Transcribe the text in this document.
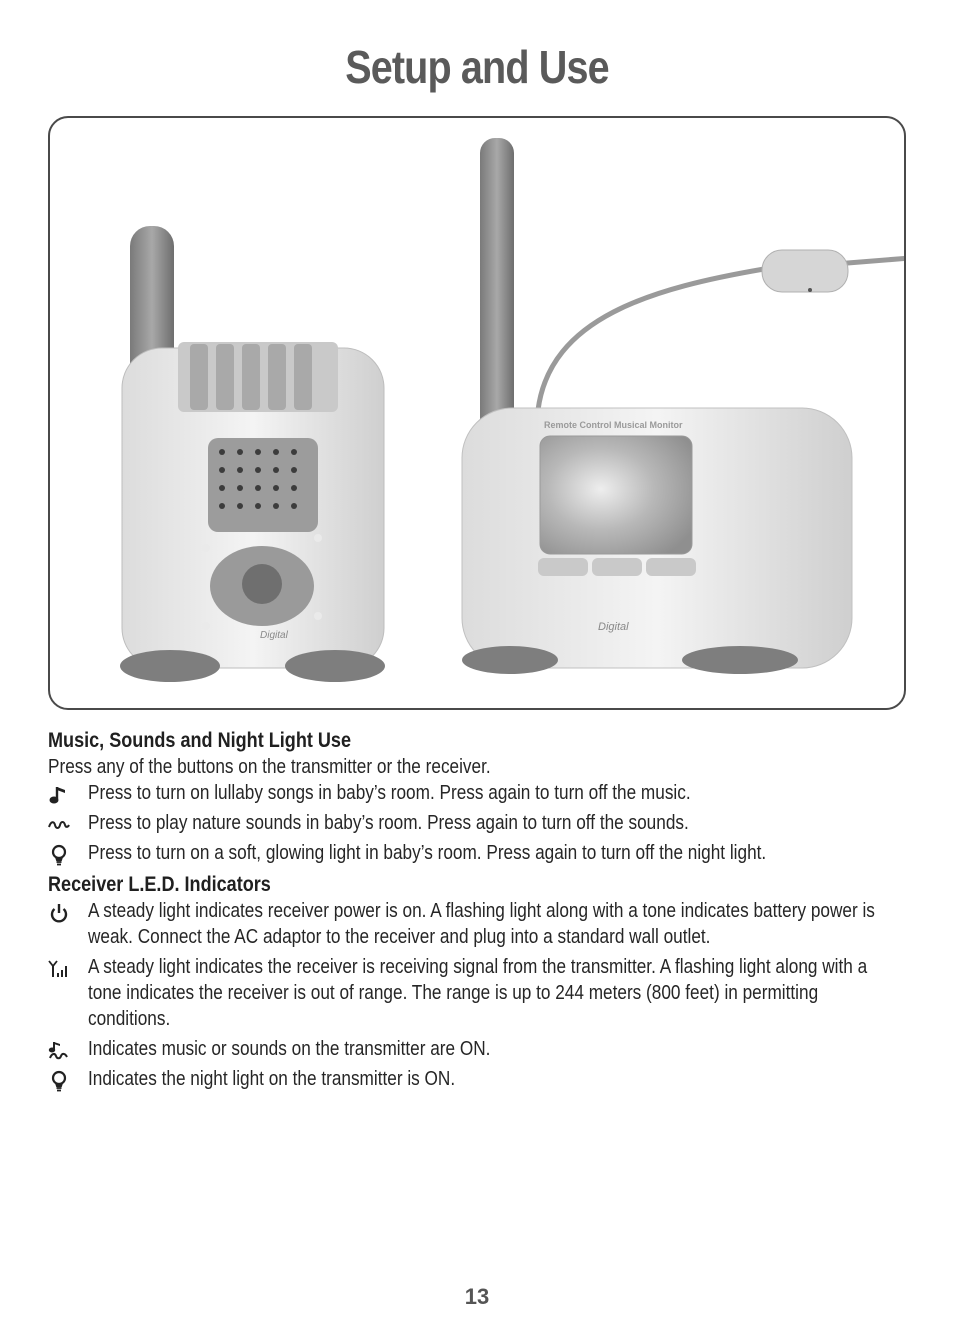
Setup and Use
Digital
Remote Control Musical Monitor
Digital
Music, Sounds and Night Light Use
Press any of the buttons on the transmitter or the receiver.
Press to turn on lullaby songs in baby’s room. Press again to turn off the music.
Press to play nature sounds in baby’s room. Press again to turn off the sounds.
Press to turn on a soft, glowing light in baby’s room. Press again to turn off the night light.
Receiver L.E.D. Indicators
A steady light indicates receiver power is on. A flashing light along with a tone indicates battery power is weak. Connect the AC adaptor to the receiver and plug into a standard wall outlet.
A steady light indicates the receiver is receiving signal from the transmitter. A flashing light along with a tone indicates the receiver is out of range. The range is up to 244 meters (800 feet) in permitting conditions.
Indicates music or sounds on the transmitter are ON.
Indicates the night light on the transmitter is ON.
13
